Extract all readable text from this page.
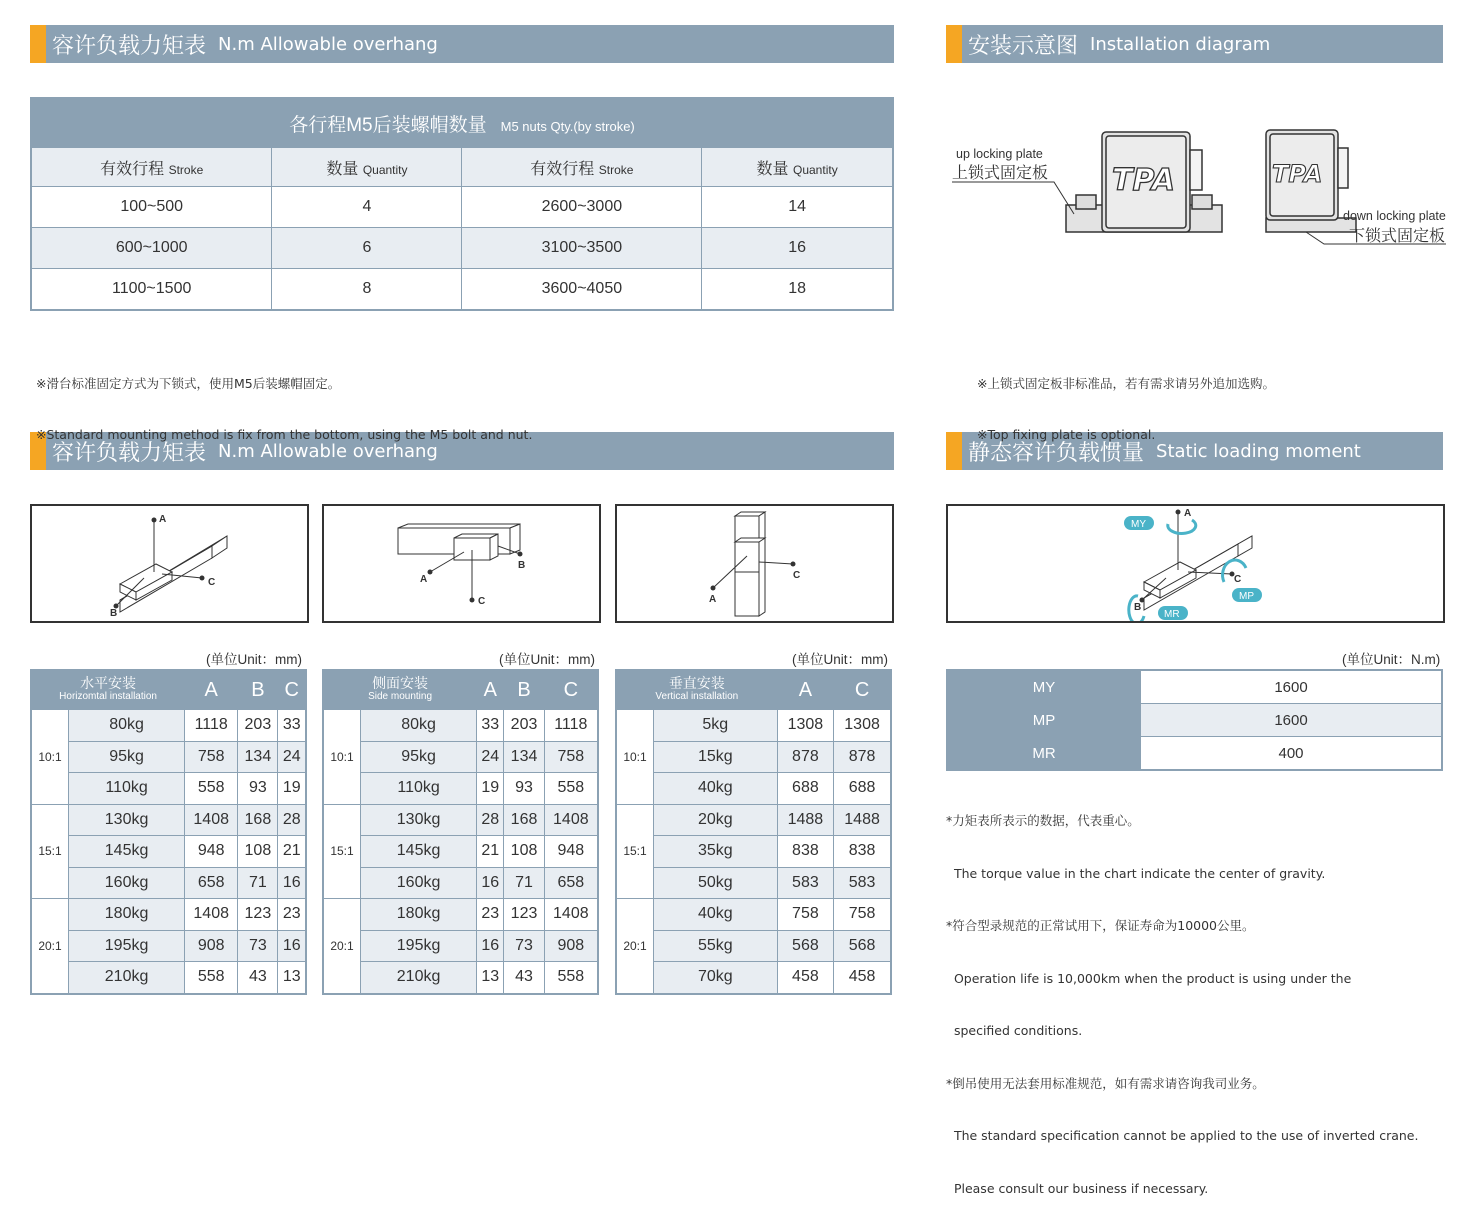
容许负载力矩表 N.m Allowable overhang	安装示意图 Installation diagram
容许负载力矩表 N.m Allowable overhang	静态容许负载惯量 Static loading moment
各行程M5后装螺帽数量 M5 nuts Qty.(by stroke)			
有效行程 Stroke	数量 Quantity	有效行程 Stroke	数量 Quantity
100~500	4	2600~3000	14
600~1000	6	3100~3500	16
1100~1500	8	3600~4050	18

※滑台标准固定方式为下锁式，使用M5后装螺帽固定。

※Standard mounting method is fix from the bottom, using the M5 bolt and nut.

※上锁式固定板非标准品，若有需求请另外追加选购。

※Top fixing plate is optional.

TPA	TPA
up locking plate
上锁式固定板
down locking plate
下锁式固定板
A
B
C	A
B
C	A
C
A
B
C
MY
MP
MR
(单位Unit：mm)	(单位Unit：mm)	(单位Unit：mm)	(单位Unit：N.m)
水平安装
Horizomtal installation		A	B	C
10:1	80kg	1118	203	33
	95kg	758	134	24
	110kg	558	93	19
15:1	130kg	1408	168	28
	145kg	948	108	21
	160kg	658	71	16
20:1	180kg	1408	123	23
	195kg	908	73	16
	210kg	558	43	13
侧面安装
Side mounting		A	B	C
10:1	80kg	33	203	1118
	95kg	24	134	758
	110kg	19	93	558
15:1	130kg	28	168	1408
	145kg	21	108	948
	160kg	16	71	658
20:1	180kg	23	123	1408
	195kg	16	73	908
	210kg	13	43	558
垂直安装
Vertical installation		A	C
10:1	5kg	1308	1308
	15kg	878	878
	40kg	688	688
15:1	20kg	1488	1488
	35kg	838	838
	50kg	583	583
20:1	40kg	758	758
	55kg	568	568
	70kg	458	458
MY	1600
MP	1600
MR	400

*力矩表所表示的数据，代表重心。

The torque value in the chart indicate the center of gravity.

*符合型录规范的正常试用下，保证寿命为10000公里。

Operation life is 10,000km when the product is using under the

specified conditions.

*倒吊使用无法套用标准规范，如有需求请咨询我司业务。

The standard specification cannot be applied to the use of inverted crane.

Please consult our business if necessary.
